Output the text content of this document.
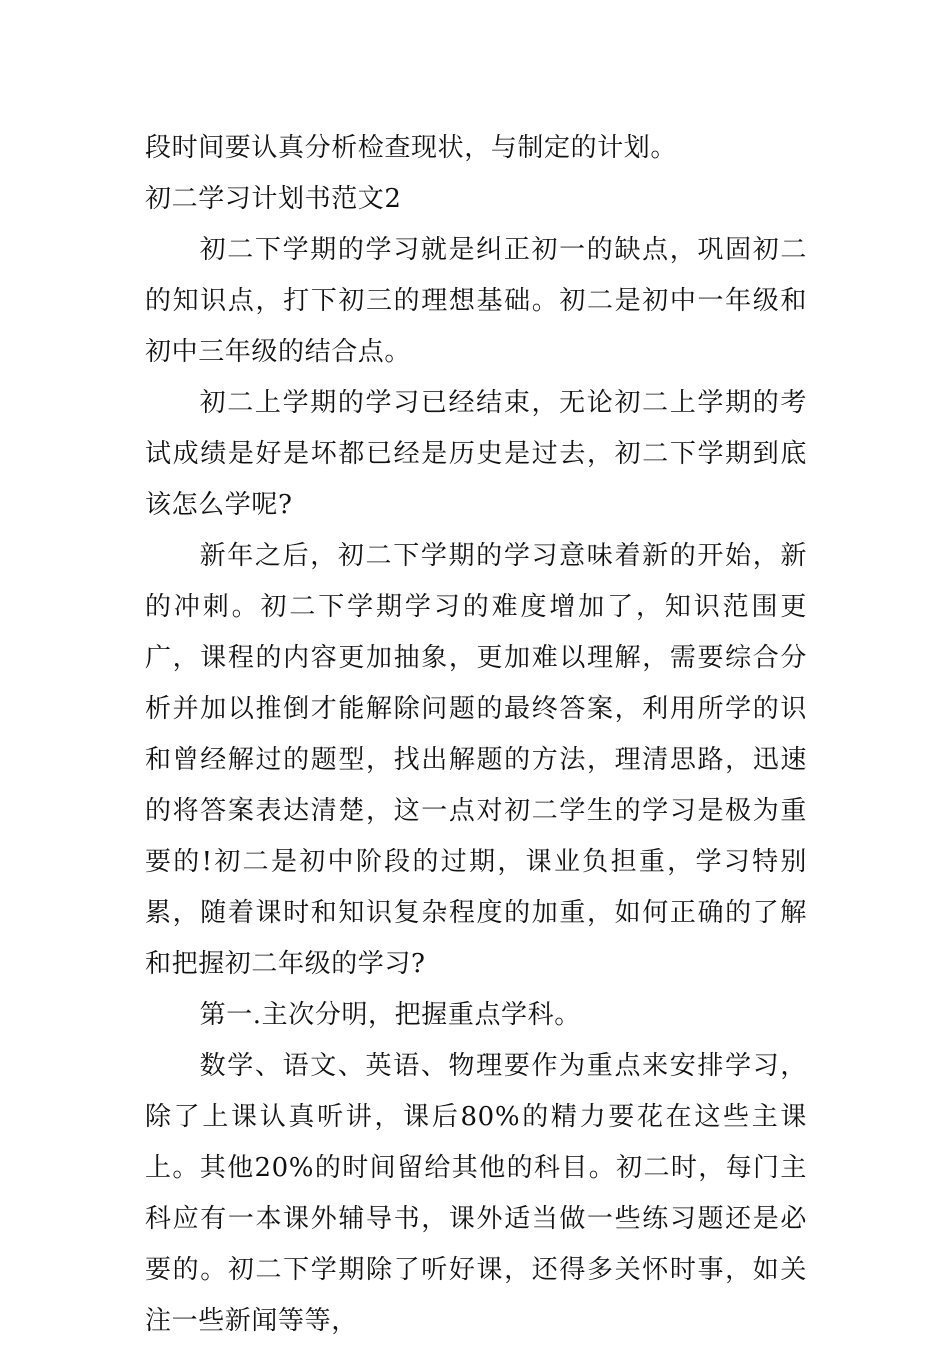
段时间要认真分析检查现状，与制定的计划。

初二学习计划书范文2

初二下学期的学习就是纠正初一的缺点，巩固初二的知识点，打下初三的理想基础。初二是初中一年级和初中三年级的结合点。

初二上学期的学习已经结束，无论初二上学期的考试成绩是好是坏都已经是历史是过去，初二下学期到底该怎么学呢?

新年之后，初二下学期的学习意味着新的开始，新的冲刺。初二下学期学习的难度增加了，知识范围更广，课程的内容更加抽象，更加难以理解，需要综合分析并加以推倒才能解除问题的最终答案，利用所学的识和曾经解过的题型，找出解题的方法，理清思路，迅速的将答案表达清楚，这一点对初二学生的学习是极为重要的!初二是初中阶段的过期，课业负担重，学习特别累，随着课时和知识复杂程度的加重，如何正确的了解和把握初二年级的学习?

第一.主次分明，把握重点学科。

数学、语文、英语、物理要作为重点来安排学习，除了上课认真听讲，课后80%的精力要花在这些主课上。其他20%的时间留给其他的科目。初二时，每门主科应有一本课外辅导书，课外适当做一些练习题还是必要的。初二下学期除了听好课，还得多关怀时事，如关注一些新闻等等，
